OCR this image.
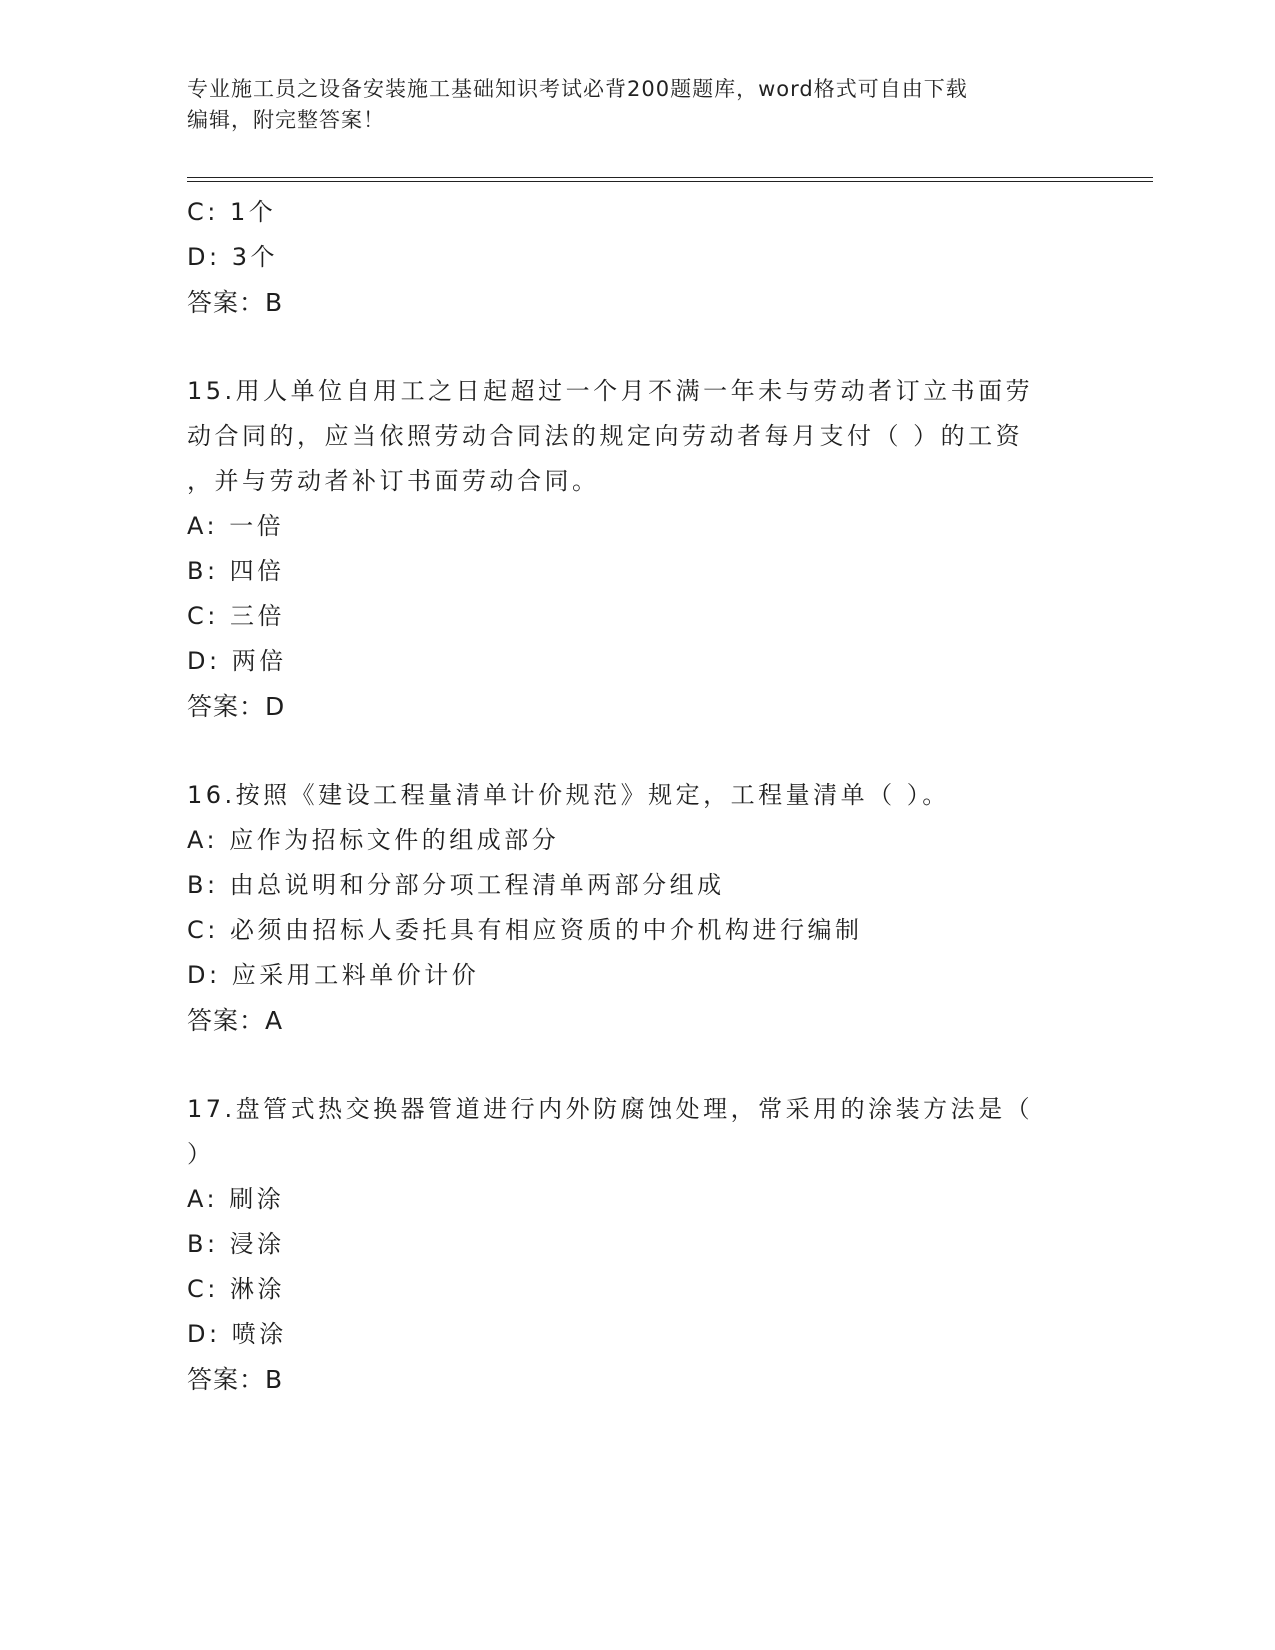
专业施工员之设备安装施工基础知识考试必背200题题库，word格式可自由下载
编辑，附完整答案！
C: 1个
D: 3个
答案：B
15.用人单位自用工之日起超过一个月不满一年未与劳动者订立书面劳
动合同的，应当依照劳动合同法的规定向劳动者每月支付（ ）的工资
，并与劳动者补订书面劳动合同。
A: 一倍
B: 四倍
C: 三倍
D: 两倍
答案：D
16.按照《建设工程量清单计价规范》规定，工程量清单（ ）。
A: 应作为招标文件的组成部分
B: 由总说明和分部分项工程清单两部分组成
C: 必须由招标人委托具有相应资质的中介机构进行编制
D: 应采用工料单价计价
答案：A
17.盘管式热交换器管道进行内外防腐蚀处理，常采用的涂装方法是（
）
A: 刷涂
B: 浸涂
C: 淋涂
D: 喷涂
答案：B
